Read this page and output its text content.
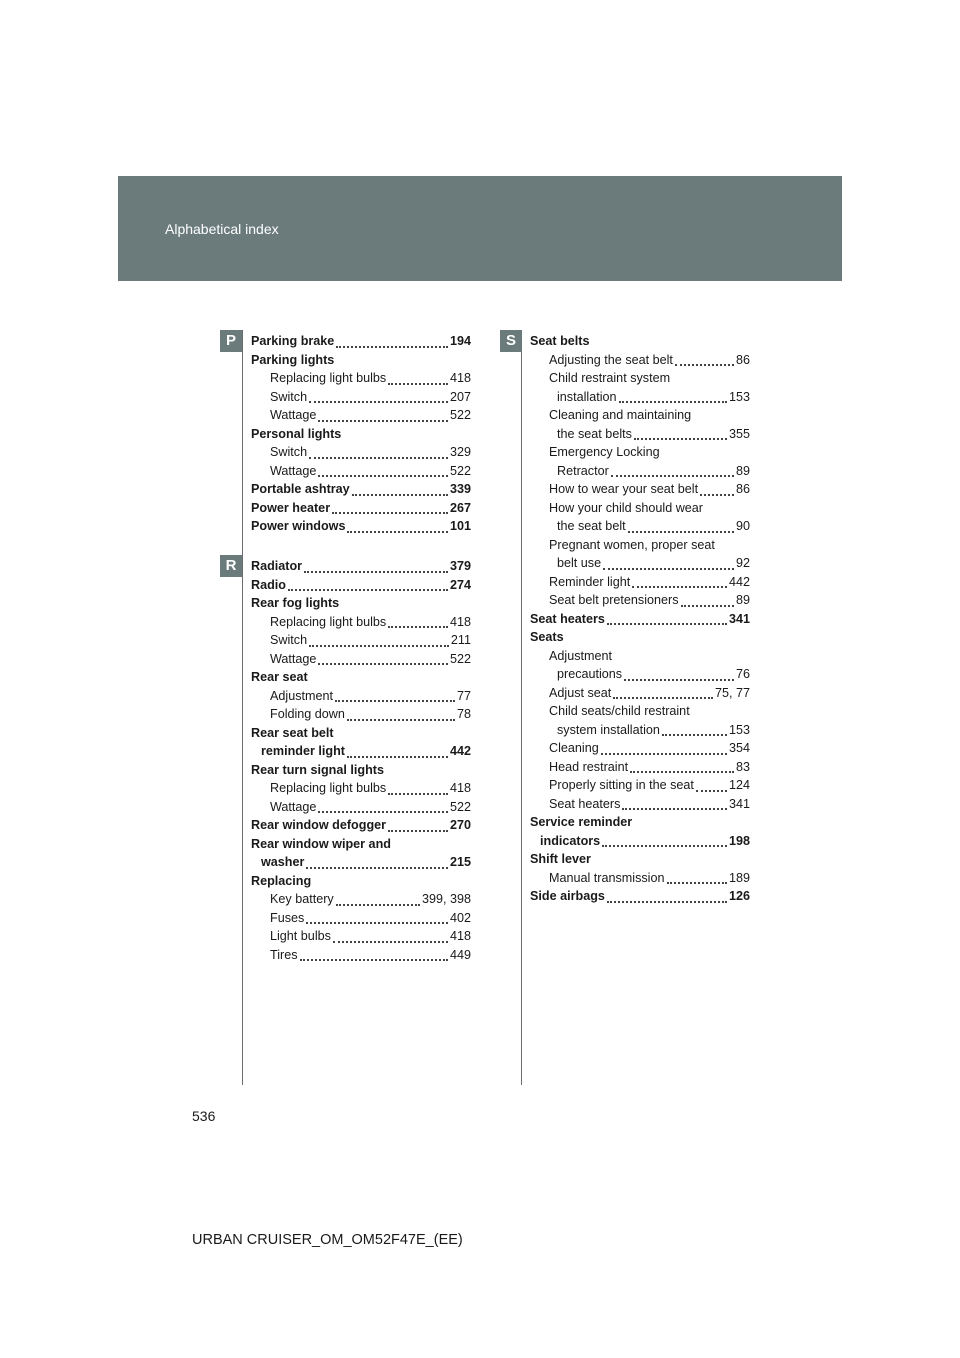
Alphabetical index
P
R
S
Parking brake	194
Parking lights
Replacing light bulbs	418
Switch	207
Wattage	522
Personal lights
Switch	329
Wattage	522
Portable ashtray	339
Power heater	267
Power windows	101
Radiator	379
Radio	274
Rear fog lights
Replacing light bulbs	418
Switch	211
Wattage	522
Rear seat
Adjustment	77
Folding down	78
Rear seat belt
reminder light	442
Rear turn signal lights
Replacing light bulbs	418
Wattage	522
Rear window defogger	270
Rear window wiper and
washer	215
Replacing
Key battery	399, 398
Fuses	402
Light bulbs	418
Tires	449
Seat belts
Adjusting the seat belt	86
Child restraint system
installation	153
Cleaning and maintaining
the seat belts	355
Emergency Locking
Retractor	89
How to wear your seat belt	86
How your child should wear
the seat belt	90
Pregnant women, proper seat
belt use	92
Reminder light	442
Seat belt pretensioners	89
Seat heaters	341
Seats
Adjustment
precautions	76
Adjust seat	75, 77
Child seats/child restraint
system installation	153
Cleaning	354
Head restraint	83
Properly sitting in the seat	124
Seat heaters	341
Service reminder
indicators	198
Shift lever
Manual transmission	189
Side airbags	126
536
URBAN CRUISER_OM_OM52F47E_(EE)
